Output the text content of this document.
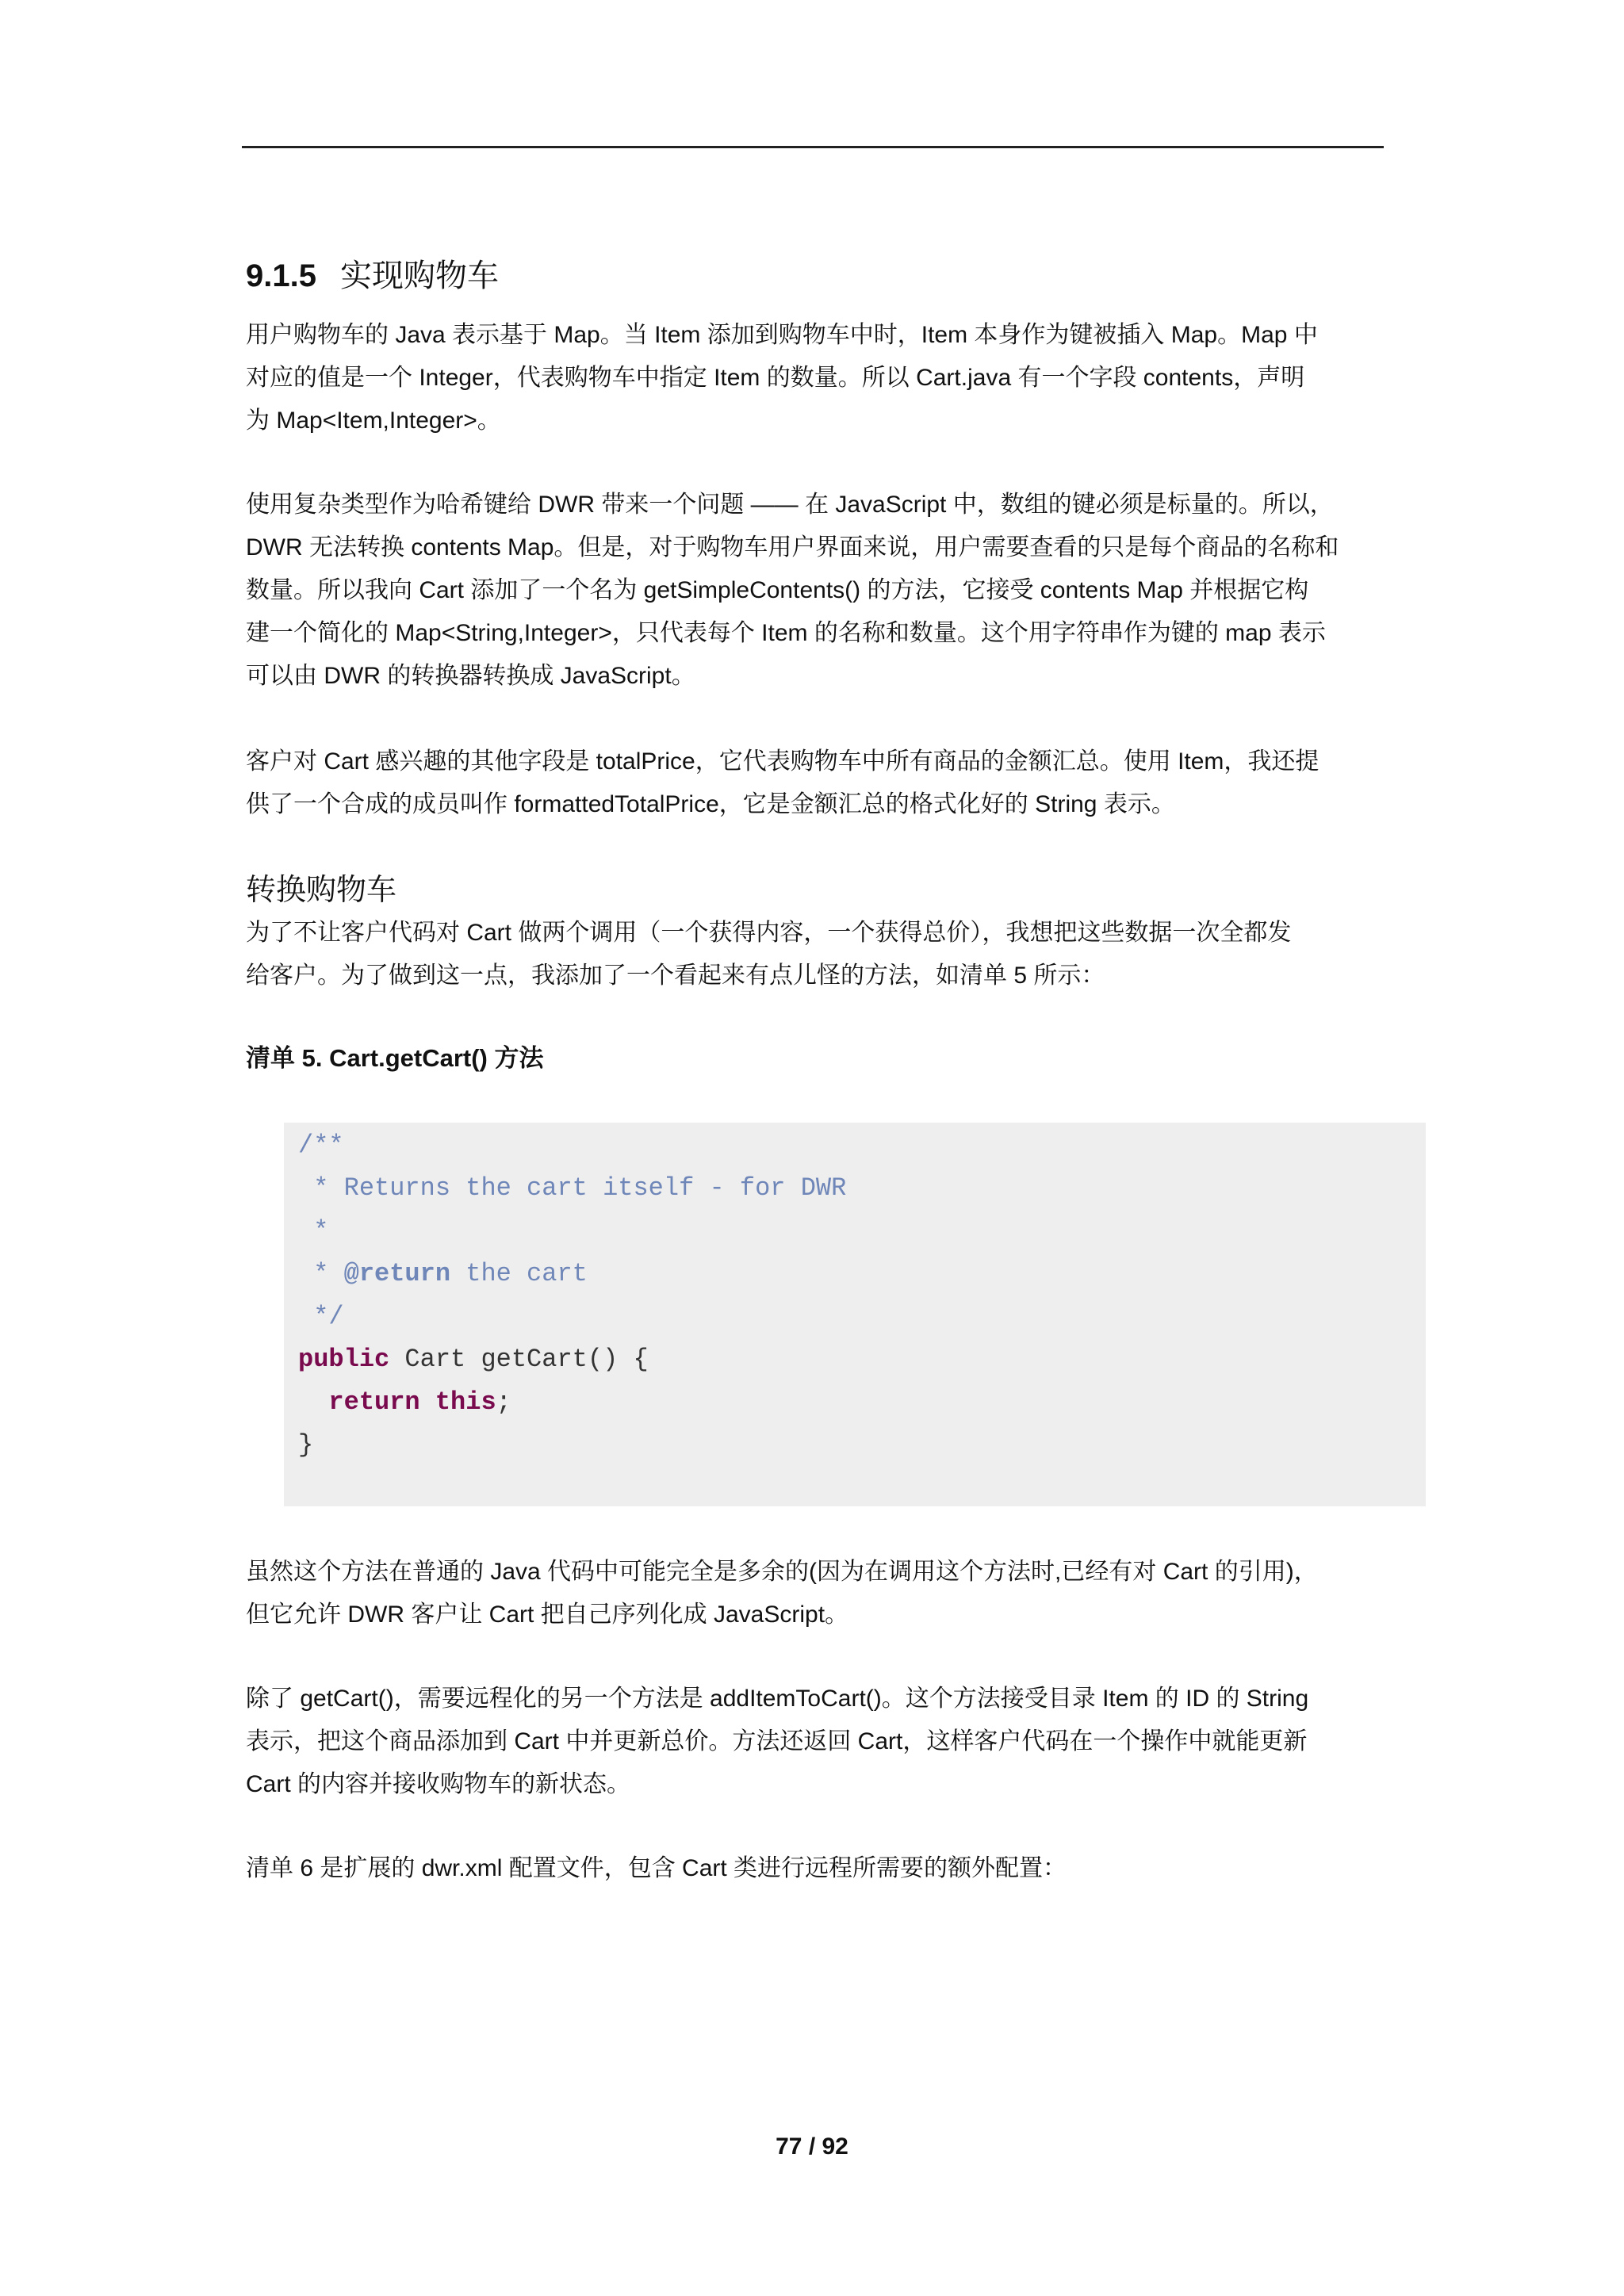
9.1.5 实现购物车

用户购物车的 Java 表示基于 Map。当 Item 添加到购物车中时，Item 本身作为键被插入 Map。Map 中
对应的值是一个 Integer，代表购物车中指定 Item 的数量。所以 Cart.java 有一个字段 contents，声明
为 Map<Item,Integer>。

使用复杂类型作为哈希键给 DWR 带来一个问题 —— 在 JavaScript 中，数组的键必须是标量的。所以，
DWR 无法转换 contents Map。但是，对于购物车用户界面来说，用户需要查看的只是每个商品的名称和
数量。所以我向 Cart 添加了一个名为 getSimpleContents() 的方法，它接受 contents Map 并根据它构
建一个简化的 Map<String,Integer>，只代表每个 Item 的名称和数量。这个用字符串作为键的 map 表示
可以由 DWR 的转换器转换成 JavaScript。

客户对 Cart 感兴趣的其他字段是 totalPrice，它代表购物车中所有商品的金额汇总。使用 Item，我还提
供了一个合成的成员叫作 formattedTotalPrice，它是金额汇总的格式化好的 String 表示。

转换购物车

为了不让客户代码对 Cart 做两个调用（一个获得内容，一个获得总价），我想把这些数据一次全都发
给客户。为了做到这一点，我添加了一个看起来有点儿怪的方法，如清单 5 所示：

清单 5. Cart.getCart() 方法
/**
* Returns the cart itself - for DWR
*
* @return the cart
*/
public Cart getCart() {
return this;
}

虽然这个方法在普通的 Java 代码中可能完全是多余的(因为在调用这个方法时,已经有对 Cart 的引用)，
但它允许 DWR 客户让 Cart 把自己序列化成 JavaScript。

除了 getCart()，需要远程化的另一个方法是 addItemToCart()。这个方法接受目录 Item 的 ID 的 String
表示，把这个商品添加到 Cart 中并更新总价。方法还返回 Cart，这样客户代码在一个操作中就能更新
Cart 的内容并接收购物车的新状态。

清单 6 是扩展的 dwr.xml 配置文件，包含 Cart 类进行远程所需要的额外配置：

77 / 92
